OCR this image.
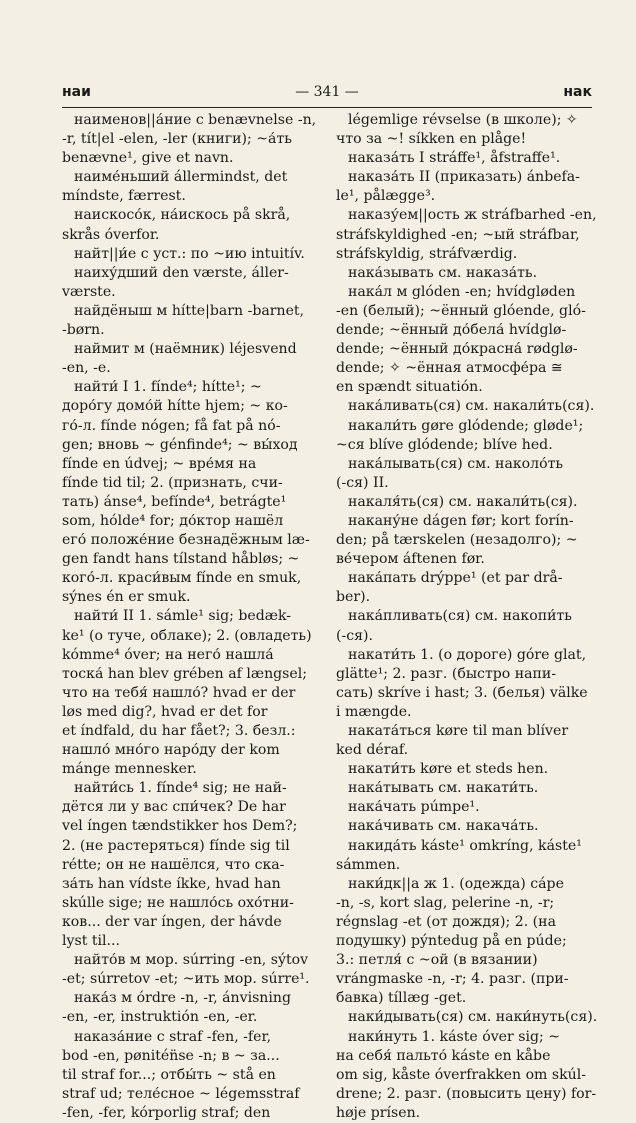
наи	— 341 —	нак
наименов||а́ние с benævnelse -n,
-r, tít|el -elen, -ler (книги); ~а́ть
benævne¹, give et navn.
наиме́ньший állermindst, det
míndste, færrest.
наискосо́к, на́искось på skrå,
skrås óverfor.
найт||и́е с уст.: по ~ию intuitív.
наиху́дший den værste, áller-
værste.
найдёныш м hítte|barn -barnet,
-børn.
наймит м (наёмник) léjesvend
-en, -e.
найти́ I 1. fínde⁴; hítte¹; ~
доро́гу домо́й hítte hjem; ~ ко-
го́-л. fínde nógen; få fat på nó-
gen; вновь ~ génfinde⁴; ~ вы́ход
fínde en údvej; ~ вре́мя на
fínde tid til; 2. (признать, счи-
тать) ánse⁴, befínde⁴, betrágte¹
som, hólde⁴ for; до́ктор нашёл
его́ положе́ние безнадёжным læ-
gen fandt hans tílstand håbløs; ~
кого́-л. краси́вым fínde en smuk,
sýnes én er smuk.
найти́ II 1. sámle¹ sig; bedæk-
ke¹ (о туче, облаке); 2. (овладеть)
kómme⁴ óver; на него́ нашла́
тоска́ han blev grében af længsel;
что на тебя́ нашло́? hvad er der
løs med dig?, hvad er det for
et índfald, du har fået?; 3. безл.:
нашло́ мно́го наро́ду der kom
mánge mennesker.
найти́сь 1. fínde⁴ sig; не най-
дётся ли у вас спи́чек? De har
vel íngen tændstikker hos Dem?;
2. (не растеряться) fínde sig til
rétte; он не нашёлся, что ска-
за́ть han vídste íkke, hvad han
skúlle sige; не нашло́сь охо́тни-
ков... der var íngen, der hávde
lyst til...
найто́в м мор. súrring -en, sýtov
-et; súrretov -et; ~ить мор. súrre¹.
нака́з м órdre -n, -r, ánvisning
-en, -er, instruktión -en, -er.
наказа́ние с straf -fen, -fer,
bod -en, pønitén̈se -n; в ~ за...
til straf for...; отбы́ть ~ stå en
straf ud; теле́сное ~ légemsstraf
-fen, -fer, kórporlig straf; den
légemlige révselse (в школе); ✧
что за ~! síkken en plåge!
наказа́ть I stráffe¹, åfstraffe¹.
наказа́ть II (приказать) ánbefa-
le¹, pålægge³.
наказу́ем||ость ж stráfbarhed -en,
stráfskyldighed -en; ~ый stráfbar,
stráfskyldig, stráfværdig.
нака́зывать см. наказа́ть.
нака́л м glóden -en; hvídgløden
-en (белый); ~ённый glóende, gló-
dende; ~ённый до́бела́ hvídglø-
dende; ~ённый до́красна́ rødglø-
dende; ✧ ~ённая атмосфе́ра ≅
en spændt situatión.
нака́ливать(ся) см. накали́ть(ся).
накали́ть gøre glódende; gløde¹;
~ся blíve glódende; blíve hed.
нака́лывать(ся) см. наколо́ть
(-ся) II.
накаля́ть(ся) см. накали́ть(ся).
накану́не dágen før; kort forín-
den; på tærskelen (незадолго); ~
ве́чером áftenen før.
нака́пать drýppe¹ (et par drå-
ber).
нака́пливать(ся) см. накопи́ть
(-ся).
накати́ть 1. (о дороге) góre glat,
glätte¹; 2. разг. (быстро напи-
сать) skríve i hast; 3. (белья) välke
i mængde.
наката́ться køre til man blíver
ked déraf.
накати́ть køre et steds hen.
нака́тывать см. накати́ть.
нака́чать púmpe¹.
нака́чивать см. накача́ть.
накида́ть káste¹ omkríng, káste¹
sámmen.
наки́дк||а ж 1. (одежда) cápe
-n, -s, kort slag, pelerine -n, -r;
régnslag -et (от дождя); 2. (на
подушку) pýntedug på en púde;
3.: петля́ с ~ой (в вязании)
vrángmaske -n, -r; 4. разг. (при-
бавка) tíllæg -get.
наки́дывать(ся) см. наки́нуть(ся).
наки́нуть 1. káste óver sig; ~
на себя́ пальто́ káste en kåbe
om sig, kåste óverfrakken om skúl-
drene; 2. разг. (повысить цену) for-
høje prísen.
